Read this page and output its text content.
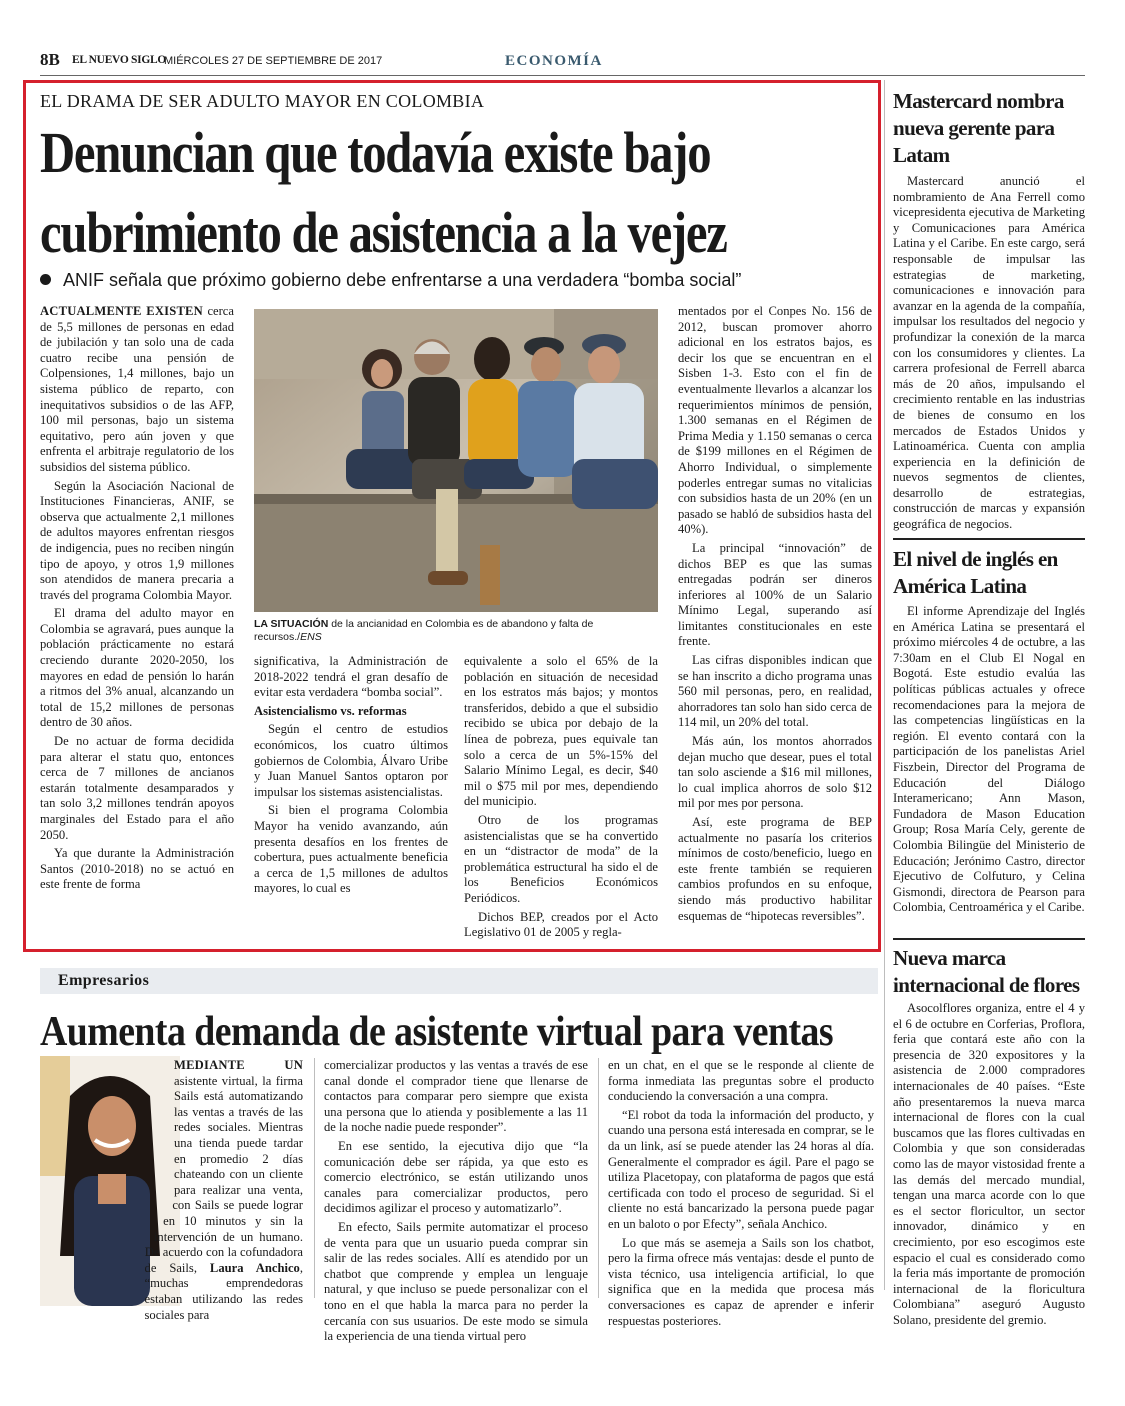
8B EL NUEVO SIGLO
MIÉRCOLES 27 DE SEPTIEMBRE DE 2017	ECONOMÍA
EL DRAMA DE SER ADULTO MAYOR EN COLOMBIA
Denuncian que todavía existe bajo
cubrimiento de asistencia a la vejez
ANIF señala que próximo gobierno debe enfrentarse a una verdadera “bomba social”

ACTUALMENTE EXISTEN cerca de 5,5 millones de personas en edad de jubilación y tan solo una de cada cuatro recibe una pensión de Colpensiones, 1,4 millones, bajo un sistema público de reparto, con inequitativos subsidios o de las AFP, 100 mil personas, bajo un sistema equitativo, pero aún joven y que enfrenta el arbitraje regulatorio de los subsidios del sistema público.

Según la Asociación Nacional de Instituciones Financieras, ANIF, se observa que actualmente 2,1 millones de adultos mayores enfrentan riesgos de indigencia, pues no reciben ningún tipo de apoyo, y otros 1,9 millones son atendidos de manera precaria a través del programa Colombia Mayor.

El drama del adulto mayor en Colombia se agravará, pues aunque la población prácticamente no estará creciendo durante 2020-2050, los mayores en edad de pensión lo harán a ritmos del 3% anual, alcanzando un total de 15,2 millones de personas dentro de 30 años.

De no actuar de forma decidida para alterar el statu quo, entonces cerca de 7 millones de ancianos estarán totalmente desamparados y tan solo 3,2 millones tendrán apoyos marginales del Estado para el año 2050.

Ya que durante la Administración Santos (2010-2018) no se actuó en este frente de forma

LA SITUACIÓN de la ancianidad en Colombia es de abandono y falta de recursos./ENS

significativa, la Administración de 2018-2022 tendrá el gran desafío de evitar esta verdadera “bomba social”.

Asistencialismo vs. reformas

Según el centro de estudios económicos, los cuatro últimos gobiernos de Colombia, Álvaro Uribe y Juan Manuel Santos optaron por impulsar los sistemas asistencialistas.

Si bien el programa Colombia Mayor ha venido avanzando, aún presenta desafíos en los frentes de cobertura, pues actualmente beneficia a cerca de 1,5 millones de adultos mayores, lo cual es

equivalente a solo el 65% de la población en situación de necesidad en los estratos más bajos; y montos transferidos, debido a que el subsidio recibido se ubica por debajo de la línea de pobreza, pues equivale tan solo a cerca de un 5%-15% del Salario Mínimo Legal, es decir, $40 mil o $75 mil por mes, dependiendo del municipio.

Otro de los programas asistencialistas que se ha convertido en un “distractor de moda” de la problemática estructural ha sido el de los Beneficios Económicos Periódicos.

Dichos BEP, creados por el Acto Legislativo 01 de 2005 y regla-

mentados por el Conpes No. 156 de 2012, buscan promover ahorro adicional en los estratos bajos, es decir los que se encuentran en el Sisben 1-3. Esto con el fin de eventualmente llevarlos a alcanzar los requerimientos mínimos de pensión, 1.300 semanas en el Régimen de Prima Media y 1.150 semanas o cerca de $199 millones en el Régimen de Ahorro Individual, o simplemente poderles entregar sumas no vitalicias con subsidios hasta de un 20% (en un pasado se habló de subsidios hasta del 40%).

La principal “innovación” de dichos BEP es que las sumas entregadas podrán ser dineros inferiores al 100% de un Salario Mínimo Legal, superando así limitantes constitucionales en este frente.

Las cifras disponibles indican que se han inscrito a dicho programa unas 560 mil personas, pero, en realidad, ahorradores tan solo han sido cerca de 114 mil, un 20% del total.

Más aún, los montos ahorrados dejan mucho que desear, pues el total tan solo asciende a $16 mil millones, lo cual implica ahorros de solo $12 mil por mes por persona.

Así, este programa de BEP actualmente no pasaría los criterios mínimos de costo/beneficio, luego en este frente también se requieren cambios profundos en su enfoque, siendo más productivo habilitar esquemas de “hipotecas reversibles”.

Mastercard nombra nueva gerente para Latam

Mastercard anunció el nombramiento de Ana Ferrell como vicepresidenta ejecutiva de Marketing y Comunicaciones para América Latina y el Caribe. En este cargo, será responsable de impulsar las estrategias de marketing, comunicaciones e innovación para avanzar en la agenda de la compañía, impulsar los resultados del negocio y profundizar la conexión de la marca con los consumidores y clientes. La carrera profesional de Ferrell abarca más de 20 años, impulsando el crecimiento rentable en las industrias de bienes de consumo en los mercados de Estados Unidos y Latinoamérica. Cuenta con amplia experiencia en la definición de nuevos segmentos de clientes, desarrollo de estrategias, construcción de marcas y expansión geográfica de negocios.

El nivel de inglés en América Latina

El informe Aprendizaje del Inglés en América Latina se presentará el próximo miércoles 4 de octubre, a las 7:30am en el Club El Nogal en Bogotá. Este estudio evalúa las políticas públicas actuales y ofrece recomendaciones para la mejora de las competencias lingüísticas en la región. El evento contará con la participación de los panelistas Ariel Fiszbein, Director del Programa de Educación del Diálogo Interamericano; Ann Mason, Fundadora de Mason Education Group; Rosa María Cely, gerente de Colombia Bilingüe del Ministerio de Educación; Jerónimo Castro, director Ejecutivo de Colfuturo, y Celina Gismondi, directora de Pearson para Colombia, Centroamérica y el Caribe.

Nueva marca internacional de flores

Asocolflores organiza, entre el 4 y el 6 de octubre en Corferias, Proflora, feria que contará este año con la presencia de 320 expositores y la asistencia de 2.000 compradores internacionales de 40 países. “Este año presentaremos la nueva marca internacional de flores con la cual buscamos que las flores cultivadas en Colombia y que son consideradas como las de mayor vistosidad frente a las demás del mercado mundial, tengan una marca acorde con lo que es el sector floricultor, un sector innovador, dinámico y en crecimiento, por eso escogimos este espacio el cual es considerado como la feria más importante de promoción internacional de la floricultura Colombiana” aseguró Augusto Solano, presidente del gremio.

Empresarios
Aumenta demanda de asistente virtual para ventas

MEDIANTE UN asistente virtual, la firma Sails está automatizando las ventas a través de las redes sociales. Mientras una tienda puede tardar en promedio 2 días chateando con un cliente para realizar una venta, con Sails se puede lograr en 10 minutos y sin la intervención de un humano. De acuerdo con la cofundadora de Sails, Laura Anchico, “muchas emprendedoras estaban utilizando las redes sociales para

comercializar productos y las ventas a través de ese canal donde el comprador tiene que llenarse de contactos para comparar pero siempre que exista una persona que lo atienda y posiblemente a las 11 de la noche nadie puede responder”.

En ese sentido, la ejecutiva dijo que “la comunicación debe ser rápida, ya que esto es comercio electrónico, se están utilizando unos canales para comercializar productos, pero decidimos agilizar el proceso y automatizarlo”.

En efecto, Sails permite automatizar el proceso de venta para que un usuario pueda comprar sin salir de las redes sociales. Allí es atendido por un chatbot que comprende y emplea un lenguaje natural, y que incluso se puede personalizar con el tono en el que habla la marca para no perder la cercanía con sus usuarios. De este modo se simula la experiencia de una tienda virtual pero

en un chat, en el que se le responde al cliente de forma inmediata las preguntas sobre el producto conduciendo la conversación a una compra.

“El robot da toda la información del producto, y cuando una persona está interesada en comprar, se le da un link, así se puede atender las 24 horas al día. Generalmente el comprador es ágil. Pare el pago se utiliza Placetopay, con plataforma de pagos que está certificada con todo el proceso de seguridad. Si el cliente no está bancarizado la persona puede pagar en un baloto o por Efecty”, señala Anchico.

Lo que más se asemeja a Sails son los chatbot, pero la firma ofrece más ventajas: desde el punto de vista técnico, usa inteligencia artificial, lo que significa que en la medida que procesa más conversaciones es capaz de aprender e inferir respuestas posteriores.
